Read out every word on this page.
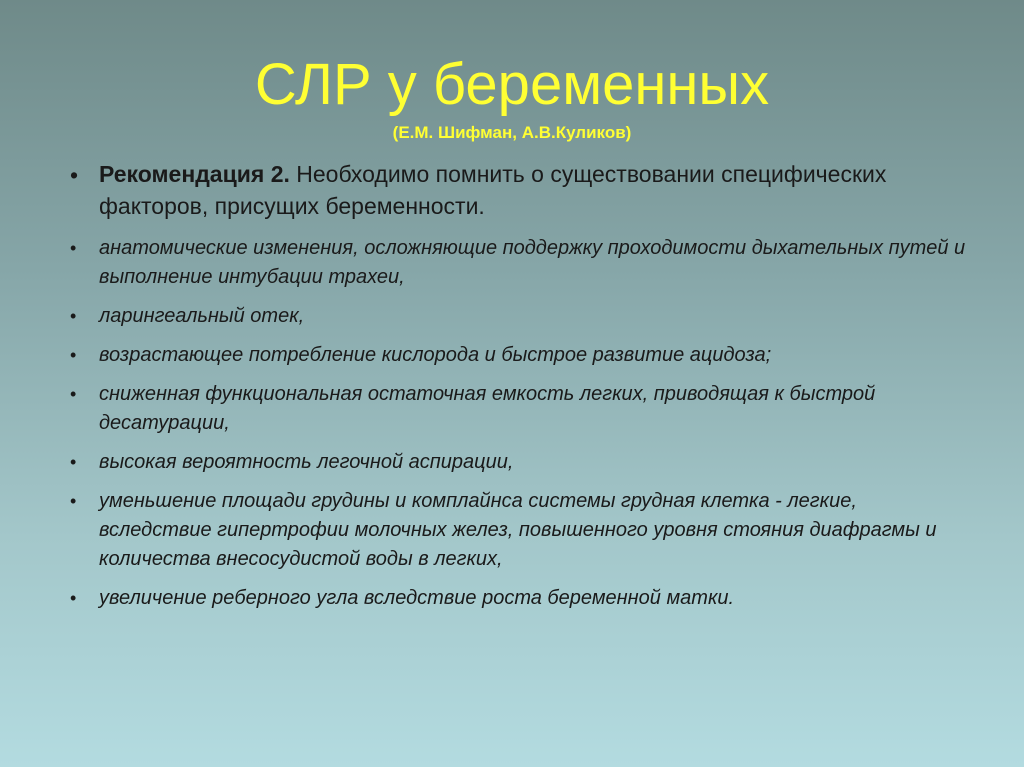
СЛР у беременных

(Е.М. Шифман, А.В.Куликов)

• Рекомендация 2. Необходимо помнить о существовании специфических факторов, присущих беременности.
• анатомические изменения, осложняющие поддержку проходимости дыхательных путей и выполнение интубации трахеи,
• ларингеальный отек,
• возрастающее потребление кислорода и быстрое развитие ацидоза;
• сниженная функциональная остаточная емкость легких, приводящая к быстрой десатурации,
• высокая вероятность легочной аспирации,
• уменьшение площади грудины и комплайнса системы грудная клетка - легкие, вследствие гипертрофии молочных желез, повышенного уровня стояния диафрагмы и количества внесосудистой воды в легких,
• увеличение реберного угла вследствие роста беременной матки.
